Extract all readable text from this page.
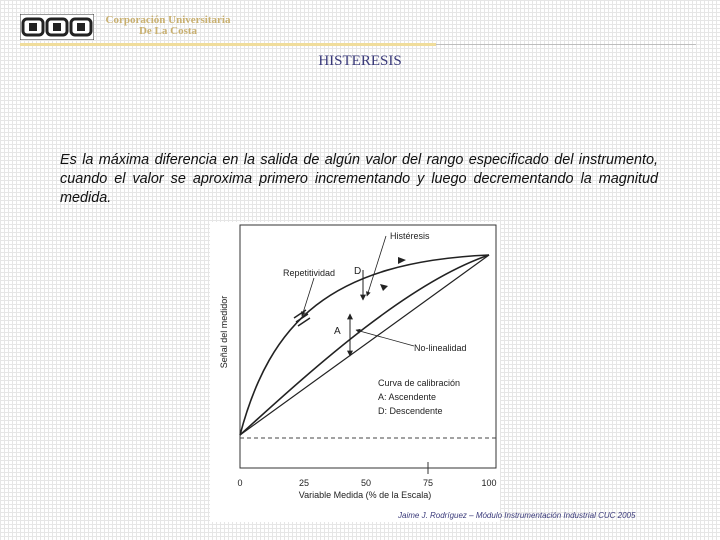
Corporación Universitaria
De La Costa
HISTERESIS

Es la máxima diferencia en la salida de algún valor del rango especificado del instrumento, cuando el valor se aproxima primero incrementando y luego decrementando la magnitud medida.

Histéresis
Repetitividad D
A
No-linealidad
Curva de calibración
A: Ascendente
D: Descendente
Señal del medidor
0	25	50	75	100
Variable Medida (% de la Escala)
Jaime J. Rodríguez – Módulo Instrumentación Industrial CUC 2005
